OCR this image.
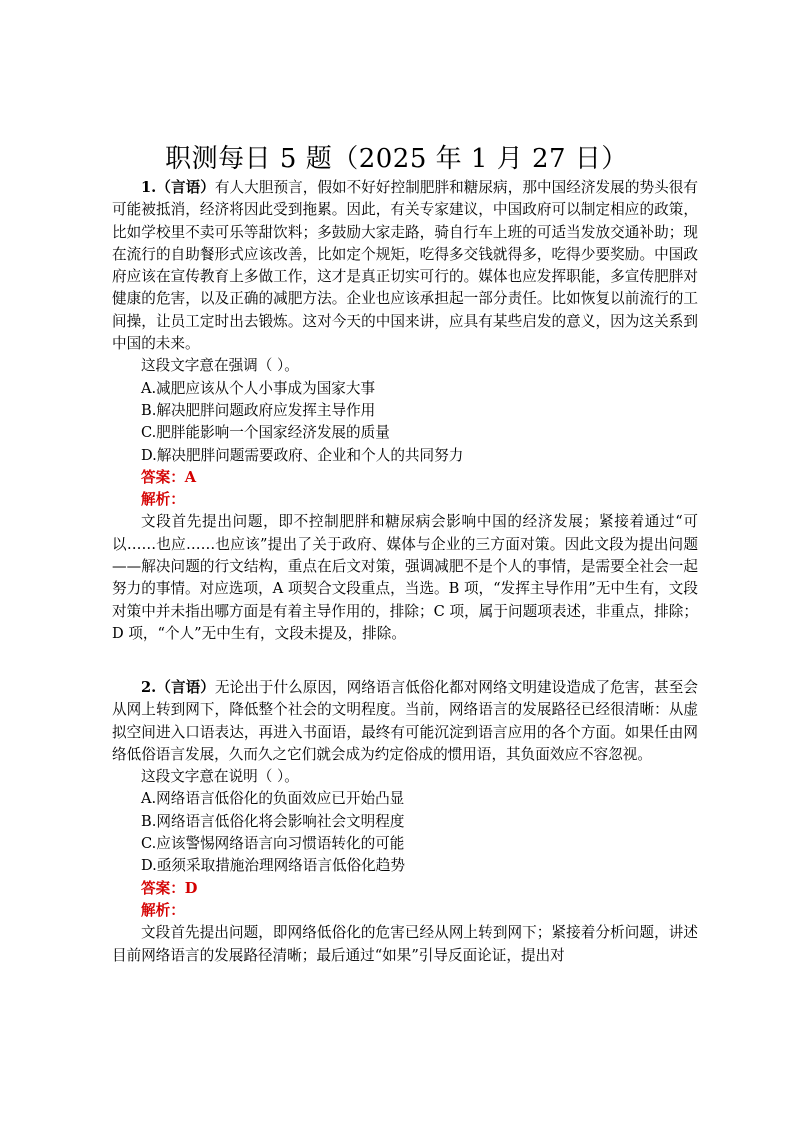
职测每日 5 题（2025 年 1 月 27 日）

1.（言语）有人大胆预言，假如不好好控制肥胖和糖尿病，那中国经济发展的势头很有可能被抵消，经济将因此受到拖累。因此，有关专家建议，中国政府可以制定相应的政策，比如学校里不卖可乐等甜饮料；多鼓励大家走路，骑自行车上班的可适当发放交通补助；现在流行的自助餐形式应该改善，比如定个规矩，吃得多交钱就得多，吃得少要奖励。中国政府应该在宣传教育上多做工作，这才是真正切实可行的。媒体也应发挥职能，多宣传肥胖对健康的危害，以及正确的减肥方法。企业也应该承担起一部分责任。比如恢复以前流行的工间操，让员工定时出去锻炼。这对今天的中国来讲，应具有某些启发的意义，因为这关系到中国的未来。

这段文字意在强调（ ）。

A.减肥应该从个人小事成为国家大事

B.解决肥胖问题政府应发挥主导作用

C.肥胖能影响一个国家经济发展的质量

D.解决肥胖问题需要政府、企业和个人的共同努力

答案：A

解析：

文段首先提出问题，即不控制肥胖和糖尿病会影响中国的经济发展；紧接着通过“可以……也应……也应该”提出了关于政府、媒体与企业的三方面对策。因此文段为提出问题——解决问题的行文结构，重点在后文对策，强调减肥不是个人的事情，是需要全社会一起努力的事情。对应选项，A 项契合文段重点，当选。B 项，“发挥主导作用”无中生有，文段对策中并未指出哪方面是有着主导作用的，排除；C 项，属于问题项表述，非重点，排除；D 项，“个人”无中生有，文段未提及，排除。

2.（言语）无论出于什么原因，网络语言低俗化都对网络文明建设造成了危害，甚至会从网上转到网下，降低整个社会的文明程度。当前，网络语言的发展路径已经很清晰：从虚拟空间进入口语表达，再进入书面语，最终有可能沉淀到语言应用的各个方面。如果任由网络低俗语言发展，久而久之它们就会成为约定俗成的惯用语，其负面效应不容忽视。

这段文字意在说明（ ）。

A.网络语言低俗化的负面效应已开始凸显

B.网络语言低俗化将会影响社会文明程度

C.应该警惕网络语言向习惯语转化的可能

D.亟须采取措施治理网络语言低俗化趋势

答案：D

解析：

文段首先提出问题，即网络低俗化的危害已经从网上转到网下；紧接着分析问题，讲述目前网络语言的发展路径清晰；最后通过“如果”引导反面论证，提出对
